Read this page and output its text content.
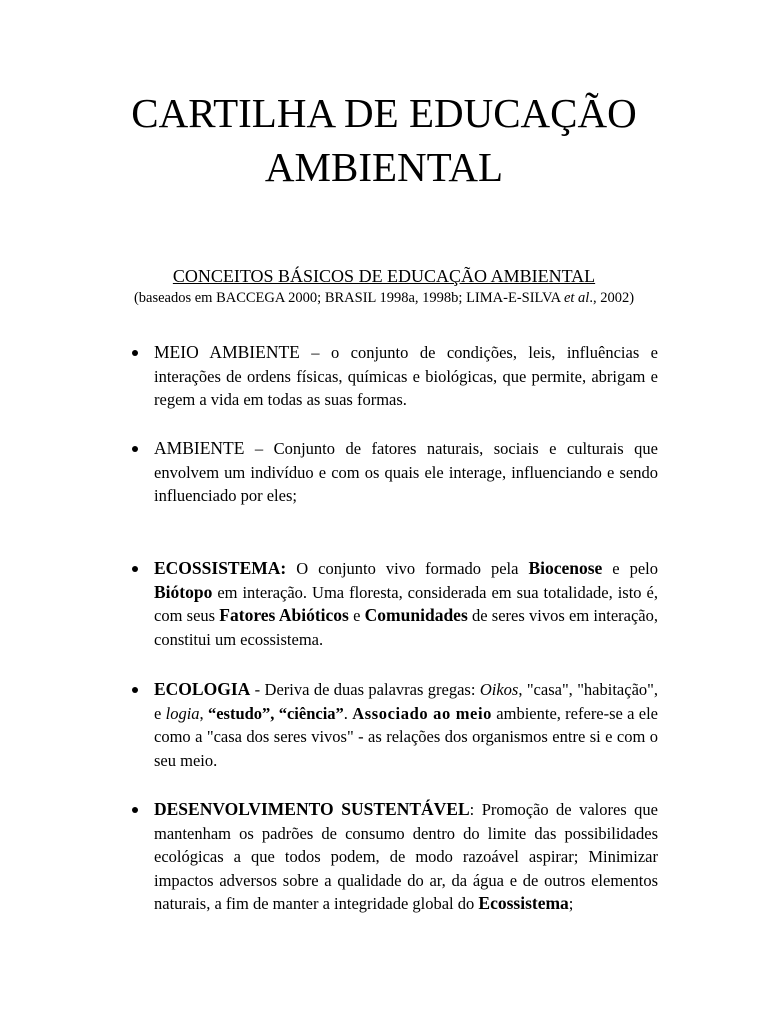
CARTILHA DE EDUCAÇÃO
AMBIENTAL

CONCEITOS BÁSICOS DE EDUCAÇÃO AMBIENTAL

(baseados em BACCEGA 2000; BRASIL 1998a, 1998b; LIMA-E-SILVA et al., 2002)

MEIO AMBIENTE – o conjunto de condições, leis, influências e interações de ordens físicas, químicas e biológicas, que permite, abrigam e regem a vida em todas as suas formas.

AMBIENTE – Conjunto de fatores naturais, sociais e culturais que envolvem um indivíduo e com os quais ele interage, influenciando e sendo influenciado por eles;

ECOSSISTEMA: O conjunto vivo formado pela Biocenose e pelo Biótopo em interação. Uma floresta, considerada em sua totalidade, isto é, com seus Fatores Abióticos e Comunidades de seres vivos em interação, constitui um ecossistema.

ECOLOGIA - Deriva de duas palavras gregas: Oikos, "casa", "habitação", e logia, “estudo”, “ciência”. Associado ao meio ambiente, refere-se a ele como a "casa dos seres vivos" - as relações dos organismos entre si e com o seu meio.

DESENVOLVIMENTO SUSTENTÁVEL: Promoção de valores que mantenham os padrões de consumo dentro do limite das possibilidades ecológicas a que todos podem, de modo razoável aspirar; Minimizar impactos adversos sobre a qualidade do ar, da água e de outros elementos naturais, a fim de manter a integridade global do Ecossistema;
